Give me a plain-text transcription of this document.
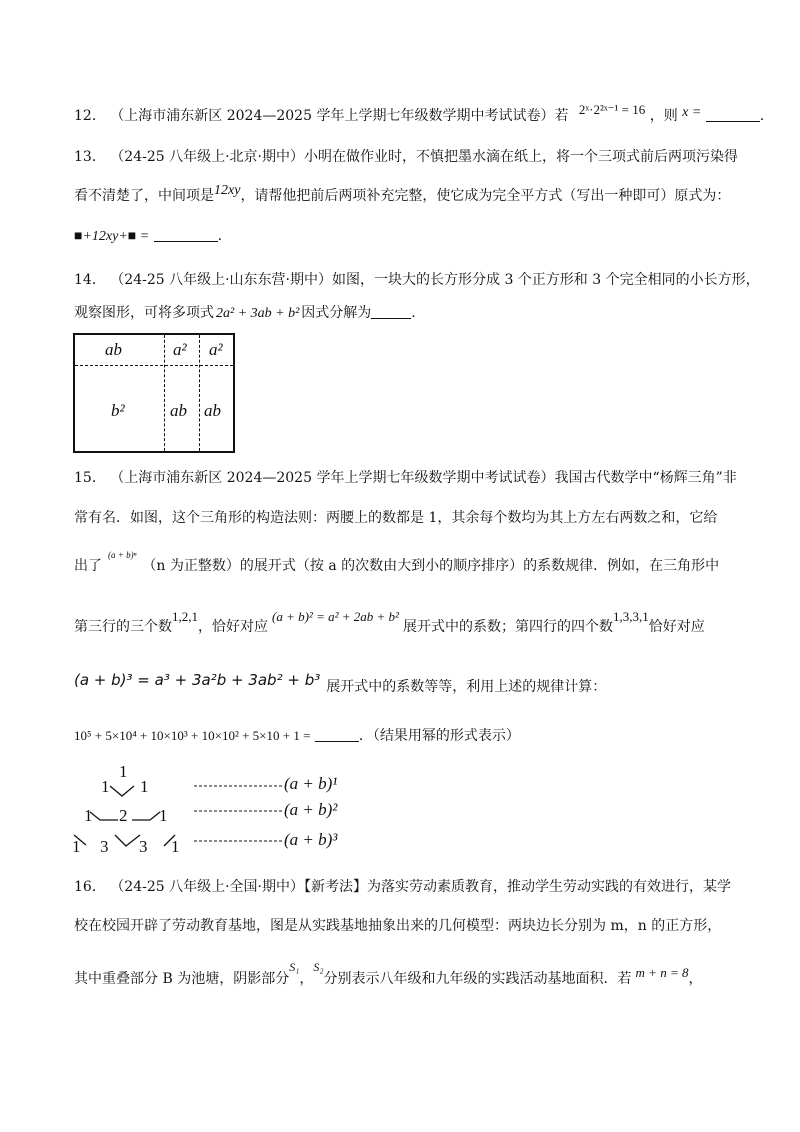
12． （上海市浦东新区 2024—2025 学年上学期七年级数学期中考试试卷）若 2ˣ·2²ˣ⁻¹ = 16 ，则 x =	.
13． （24-25 八年级上·北京·期中）小明在做作业时，不慎把墨水滴在纸上，将一个三项式前后两项污染得
看不清楚了，中间项是12xy，请帮他把前后两项补充完整，使它成为完全平方式（写出一种即可）原式为：
■+12xy+■ =	.
14． （24-25 八年级上·山东东营·期中）如图，一块大的长方形分成 3 个正方形和 3 个完全相同的小长方形，
观察图形，可将多项式 2a² + 3ab + b² 因式分解为	.
ab	a² a²
b²	ab ab
15． （上海市浦东新区 2024—2025 学年上学期七年级数学期中考试试卷）我国古代数学中“杨辉三角”非
常有名．如图，这个三角形的构造法则：两腰上的数都是 1，其余每个数均为其上方左右两数之和，它给
出了$^{(a + b)^n}$（n 为正整数）的展开式（按 a 的次数由大到小的顺序排序）的系数规律．例如，在三角形中
第三行的三个数1,2,1，恰好对应(a + b)² = a² + 2ab + b²展开式中的系数；第四行的四个数1,3,3,1恰好对应
(a + b)³ = a³ + 3a²b + 3ab² + b³ 展开式中的系数等等，利用上述的规律计算：
10⁵ + 5×10⁴ + 10×10³ + 10×10² + 5×10 + 1 =	．（结果用幂的形式表示）
1
1 1
1 2 1
1 3 3 1
(a + b)¹
(a + b)²
(a + b)³
16． （24-25 八年级上·全国·期中）【新考法】为落实劳动素质教育，推动学生劳动实践的有效进行，某学
校在校园开辟了劳动教育基地，图是从实践基地抽象出来的几何模型：两块边长分别为 m，n 的正方形，
其中重叠部分 B 为池塘，阴影部分S₁，S₂分别表示八年级和九年级的实践活动基地面积．若 m + n = 8，
